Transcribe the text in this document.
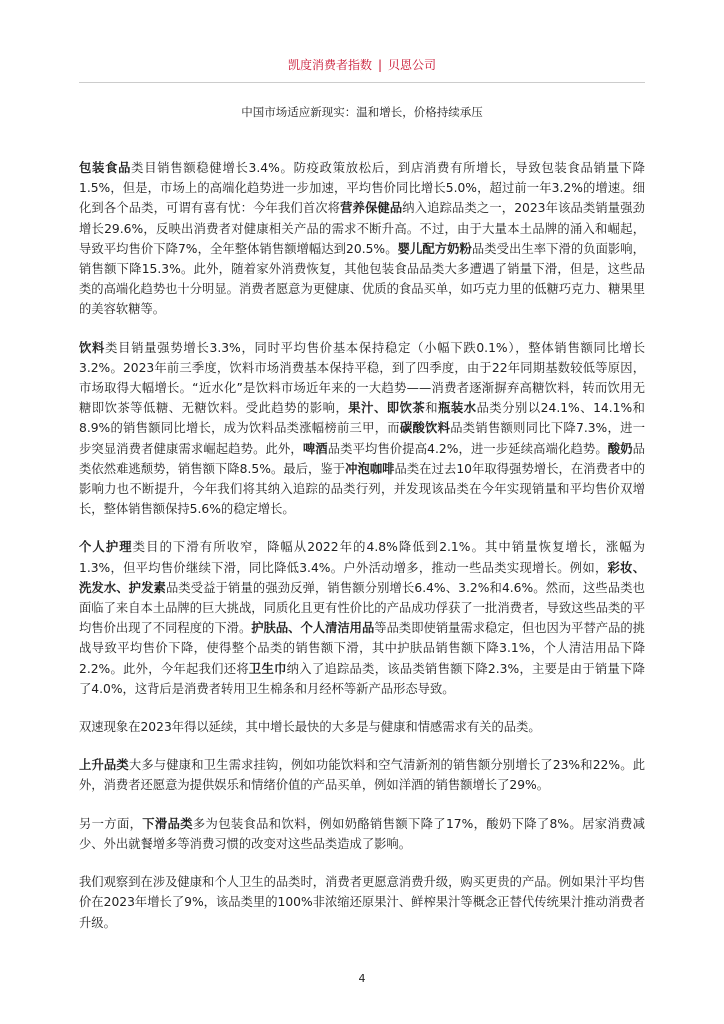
凯度消费者指数 | 贝恩公司
中国市场适应新现实：温和增长，价格持续承压

包装食品类目销售额稳健增长3.4%。防疫政策放松后，到店消费有所增长，导致包装食品销量下降1.5%，但是，市场上的高端化趋势进一步加速，平均售价同比增长5.0%，超过前一年3.2%的增速。细化到各个品类，可谓有喜有忧：今年我们首次将营养保健品纳入追踪品类之一，2023年该品类销量强劲增长29.6%，反映出消费者对健康相关产品的需求不断升高。不过，由于大量本土品牌的涌入和崛起，导致平均售价下降7%，全年整体销售额增幅达到20.5%。婴儿配方奶粉品类受出生率下滑的负面影响，销售额下降15.3%。此外，随着家外消费恢复，其他包装食品品类大多遭遇了销量下滑，但是，这些品类的高端化趋势也十分明显。消费者愿意为更健康、优质的食品买单，如巧克力里的低糖巧克力、糖果里的美容软糖等。

饮料类目销量强势增长3.3%，同时平均售价基本保持稳定（小幅下跌0.1%），整体销售额同比增长3.2%。2023年前三季度，饮料市场消费基本保持平稳，到了四季度，由于22年同期基数较低等原因，市场取得大幅增长。“近水化”是饮料市场近年来的一大趋势——消费者逐渐摒弃高糖饮料，转而饮用无糖即饮茶等低糖、无糖饮料。受此趋势的影响，果汁、即饮茶和瓶装水品类分别以24.1%、14.1%和8.9%的销售额同比增长，成为饮料品类涨幅榜前三甲，而碳酸饮料品类销售额则同比下降7.3%，进一步突显消费者健康需求崛起趋势。此外，啤酒品类平均售价提高4.2%，进一步延续高端化趋势。酸奶品类依然难逃颓势，销售额下降8.5%。最后，鉴于冲泡咖啡品类在过去10年取得强势增长，在消费者中的影响力也不断提升，今年我们将其纳入追踪的品类行列，并发现该品类在今年实现销量和平均售价双增长，整体销售额保持5.6%的稳定增长。

个人护理类目的下滑有所收窄，降幅从2022年的4.8%降低到2.1%。其中销量恢复增长，涨幅为1.3%，但平均售价继续下滑，同比降低3.4%。户外活动增多，推动一些品类实现增长。例如，彩妆、洗发水、护发素品类受益于销量的强劲反弹，销售额分别增长6.4%、3.2%和4.6%。然而，这些品类也面临了来自本土品牌的巨大挑战，同质化且更有性价比的产品成功俘获了一批消费者，导致这些品类的平均售价出现了不同程度的下滑。护肤品、个人清洁用品等品类即使销量需求稳定，但也因为平替产品的挑战导致平均售价下降，使得整个品类的销售额下滑，其中护肤品销售额下降3.1%，个人清洁用品下降2.2%。此外，今年起我们还将卫生巾纳入了追踪品类，该品类销售额下降2.3%，主要是由于销量下降了4.0%，这背后是消费者转用卫生棉条和月经杯等新产品形态导致。

双速现象在2023年得以延续，其中增长最快的大多是与健康和情感需求有关的品类。

上升品类大多与健康和卫生需求挂钩，例如功能饮料和空气清新剂的销售额分别增长了23%和22%。此外，消费者还愿意为提供娱乐和情绪价值的产品买单，例如洋酒的销售额增长了29%。

另一方面，下滑品类多为包装食品和饮料，例如奶酪销售额下降了17%，酸奶下降了8%。居家消费减少、外出就餐增多等消费习惯的改变对这些品类造成了影响。

我们观察到在涉及健康和个人卫生的品类时，消费者更愿意消费升级，购买更贵的产品。例如果汁平均售价在2023年增长了9%，该品类里的100%非浓缩还原果汁、鲜榨果汁等概念正替代传统果汁推动消费者升级。

4
